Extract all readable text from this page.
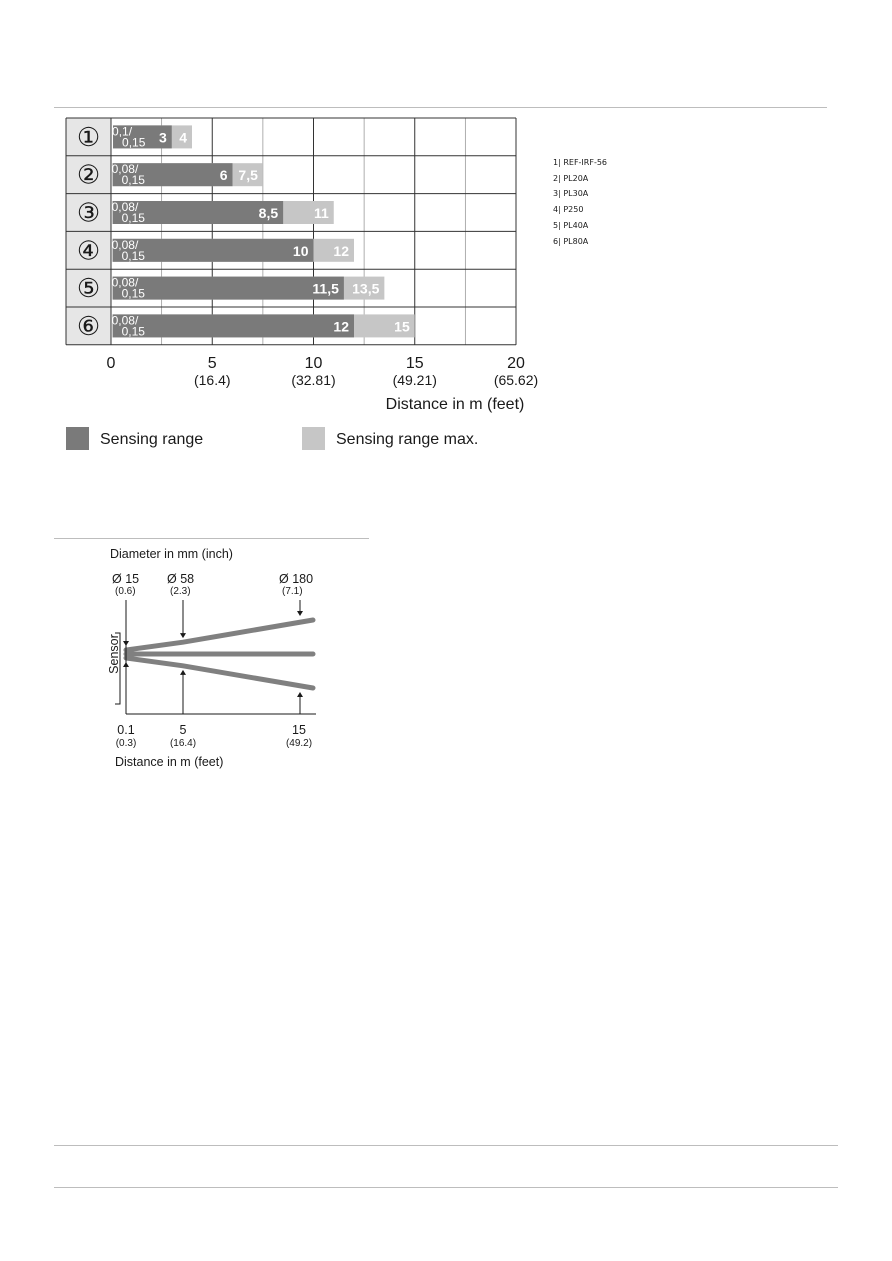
① 0,1/
0,15 3 4
② 0,08/
0,15	6 7,5
③ 0,08/
0,15	8,5	11
④ 0,08/
0,15	10 12
⑤ 0,08/
0,15	11,5 13,5
⑥ 0,08/
0,15	12	15
0	5
(16.4)
10
(32.81)
15
(49.21)
20
(65.62)
Distance in m (feet)
Sensing range	Sensing range max.
1| REF-IRF-56
2| PL20A
3| PL30A
4| P250
5| PL40A
6| PL80A
Diameter in mm (inch)
Sensor
Ø 15
(0.6)
Ø 58
(2.3)
Ø 180
(7.1)
0.1
(0.3)
5
(16.4)
15
(49.2)
Distance in m (feet)
